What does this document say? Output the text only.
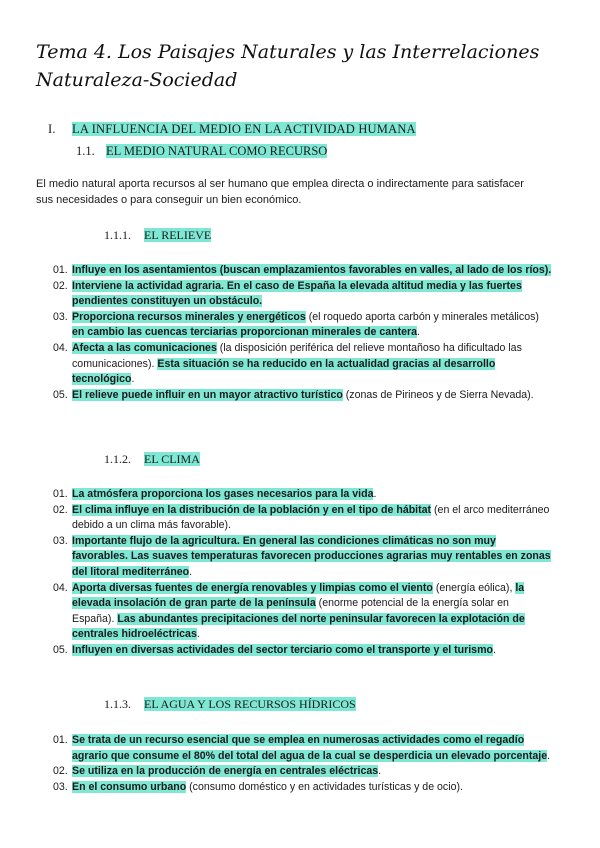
Tema 4. Los Paisajes Naturales y las Interrelaciones
Naturaleza-Sociedad
I. LA INFLUENCIA DEL MEDIO EN LA ACTIVIDAD HUMANA
1.1. EL MEDIO NATURAL COMO RECURSO
El medio natural aporta recursos al ser humano que emplea directa o indirectamente para satisfacer sus necesidades o para conseguir un bien económico.
1.1.1. EL RELIEVE
01. Influye en los asentamientos (buscan emplazamientos favorables en valles, al lado de los ríos).
02. Interviene la actividad agraria. En el caso de España la elevada altitud media y las fuertes pendientes constituyen un obstáculo.
03. Proporciona recursos minerales y energéticos (el roquedo aporta carbón y minerales metálicos) en cambio las cuencas terciarias proporcionan minerales de cantera.
04. Afecta a las comunicaciones (la disposición periférica del relieve montañoso ha dificultado las comunicaciones). Esta situación se ha reducido en la actualidad gracias al desarrollo tecnológico.
05. El relieve puede influir en un mayor atractivo turístico (zonas de Pirineos y de Sierra Nevada).
1.1.2. EL CLIMA
01. La atmósfera proporciona los gases necesarios para la vida.
02. El clima influye en la distribución de la población y en el tipo de hábitat (en el arco mediterráneo debido a un clima más favorable).
03. Importante flujo de la agricultura. En general las condiciones climáticas no son muy favorables. Las suaves temperaturas favorecen producciones agrarias muy rentables en zonas del litoral mediterráneo.
04. Aporta diversas fuentes de energía renovables y limpias como el viento (energía eólica), la elevada insolación de gran parte de la península (enorme potencial de la energía solar en España). Las abundantes precipitaciones del norte peninsular favorecen la explotación de centrales hidroeléctricas.
05. Influyen en diversas actividades del sector terciario como el transporte y el turismo.
1.1.3. EL AGUA Y LOS RECURSOS HÍDRICOS
01. Se trata de un recurso esencial que se emplea en numerosas actividades como el regadío agrario que consume el 80% del total del agua de la cual se desperdicia un elevado porcentaje.
02. Se utiliza en la producción de energía en centrales eléctricas.
03. En el consumo urbano (consumo doméstico y en actividades turísticas y de ocio).
